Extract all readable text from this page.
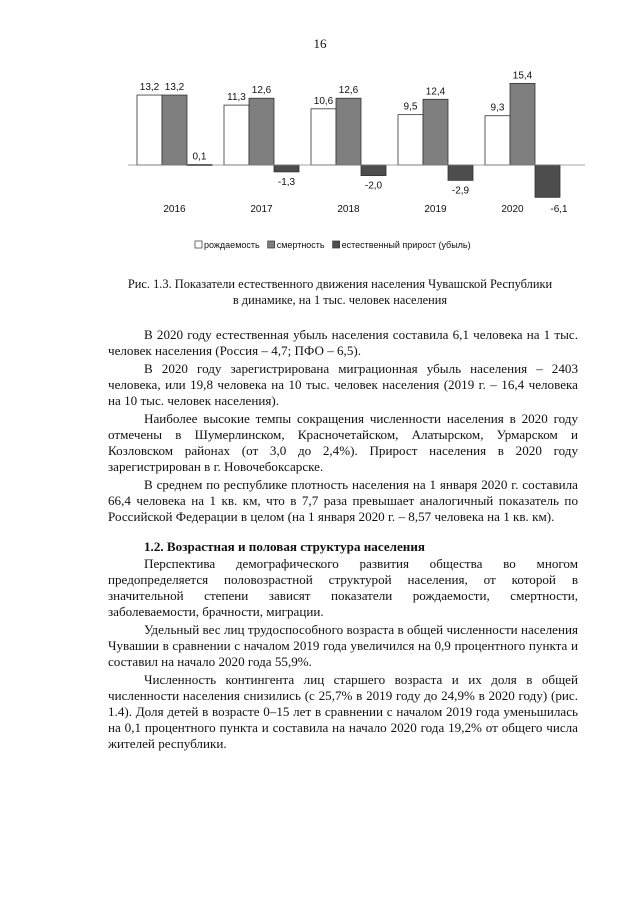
16
13,2 13,2
0,1
2016
11,3
12,6
-1,3
2017
10,6
12,6
-2,0
2018
9,5
12,4
-2,9
2019
9,3
15,4
2020	-6,1
рождаемость смертность естественный прирост (убыль)
Рис. 1.3. Показатели естественного движения населения Чувашской Республики
в динамике, на 1 тыс. человек населения

В 2020 году естественная убыль населения составила 6,1 человека на 1 тыс. человек населения (Россия – 4,7; ПФО – 6,5).

В 2020 году зарегистрирована миграционная убыль населения – 2403 человека, или 19,8 человека на 10 тыс. человек населения (2019 г. – 16,4 человека на 10 тыс. человек населения).

Наиболее высокие темпы сокращения численности населения в 2020 году отмечены в Шумерлинском, Красночетайском, Алатырском, Урмарском и Козловском районах (от 3,0 до 2,4%). Прирост населения в 2020 году зарегистрирован в г. Новочебоксарске.

В среднем по республике плотность населения на 1 января 2020 г. составила 66,4 человека на 1 кв. км, что в 7,7 раза превышает аналогичный показатель по Российской Федерации в целом (на 1 января 2020 г. – 8,57 человека на 1 кв. км).

1.2. Возрастная и половая структура населения

Перспектива демографического развития общества во многом предопределяется половозрастной структурой населения, от которой в значительной степени зависят показатели рождаемости, смертности, заболеваемости, брачности, миграции.

Удельный вес лиц трудоспособного возраста в общей численности населения Чувашии в сравнении с началом 2019 года увеличился на 0,9 процентного пункта и составил на начало 2020 года 55,9%.

Численность контингента лиц старшего возраста и их доля в общей численности населения снизились (с 25,7% в 2019 году до 24,9% в 2020 году) (рис. 1.4). Доля детей в возрасте 0–15 лет в сравнении с началом 2019 года уменьшилась на 0,1 процентного пункта и составила на начало 2020 года 19,2% от общего числа жителей республики.
